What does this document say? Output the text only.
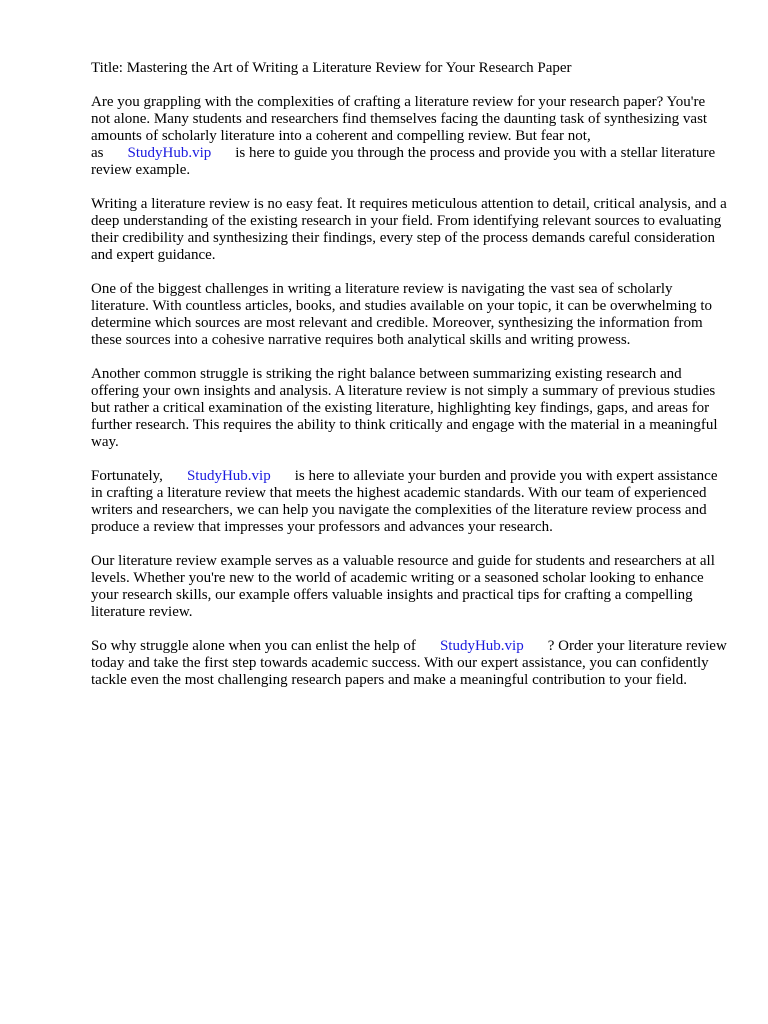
Title: Mastering the Art of Writing a Literature Review for Your Research Paper

Are you grappling with the complexities of crafting a literature review for your research paper? You're not alone. Many students and researchers find themselves facing the daunting task of synthesizing vast amounts of scholarly literature into a coherent and compelling review. But fear not, as StudyHub.vip is here to guide you through the process and provide you with a stellar literature review example.

Writing a literature review is no easy feat. It requires meticulous attention to detail, critical analysis, and a deep understanding of the existing research in your field. From identifying relevant sources to evaluating their credibility and synthesizing their findings, every step of the process demands careful consideration and expert guidance.

One of the biggest challenges in writing a literature review is navigating the vast sea of scholarly literature. With countless articles, books, and studies available on your topic, it can be overwhelming to determine which sources are most relevant and credible. Moreover, synthesizing the information from these sources into a cohesive narrative requires both analytical skills and writing prowess.

Another common struggle is striking the right balance between summarizing existing research and offering your own insights and analysis. A literature review is not simply a summary of previous studies but rather a critical examination of the existing literature, highlighting key findings, gaps, and areas for further research. This requires the ability to think critically and engage with the material in a meaningful way.

Fortunately, StudyHub.vip is here to alleviate your burden and provide you with expert assistance in crafting a literature review that meets the highest academic standards. With our team of experienced writers and researchers, we can help you navigate the complexities of the literature review process and produce a review that impresses your professors and advances your research.

Our literature review example serves as a valuable resource and guide for students and researchers at all levels. Whether you're new to the world of academic writing or a seasoned scholar looking to enhance your research skills, our example offers valuable insights and practical tips for crafting a compelling literature review.

So why struggle alone when you can enlist the help of StudyHub.vip ? Order your literature review today and take the first step towards academic success. With our expert assistance, you can confidently tackle even the most challenging research papers and make a meaningful contribution to your field.
